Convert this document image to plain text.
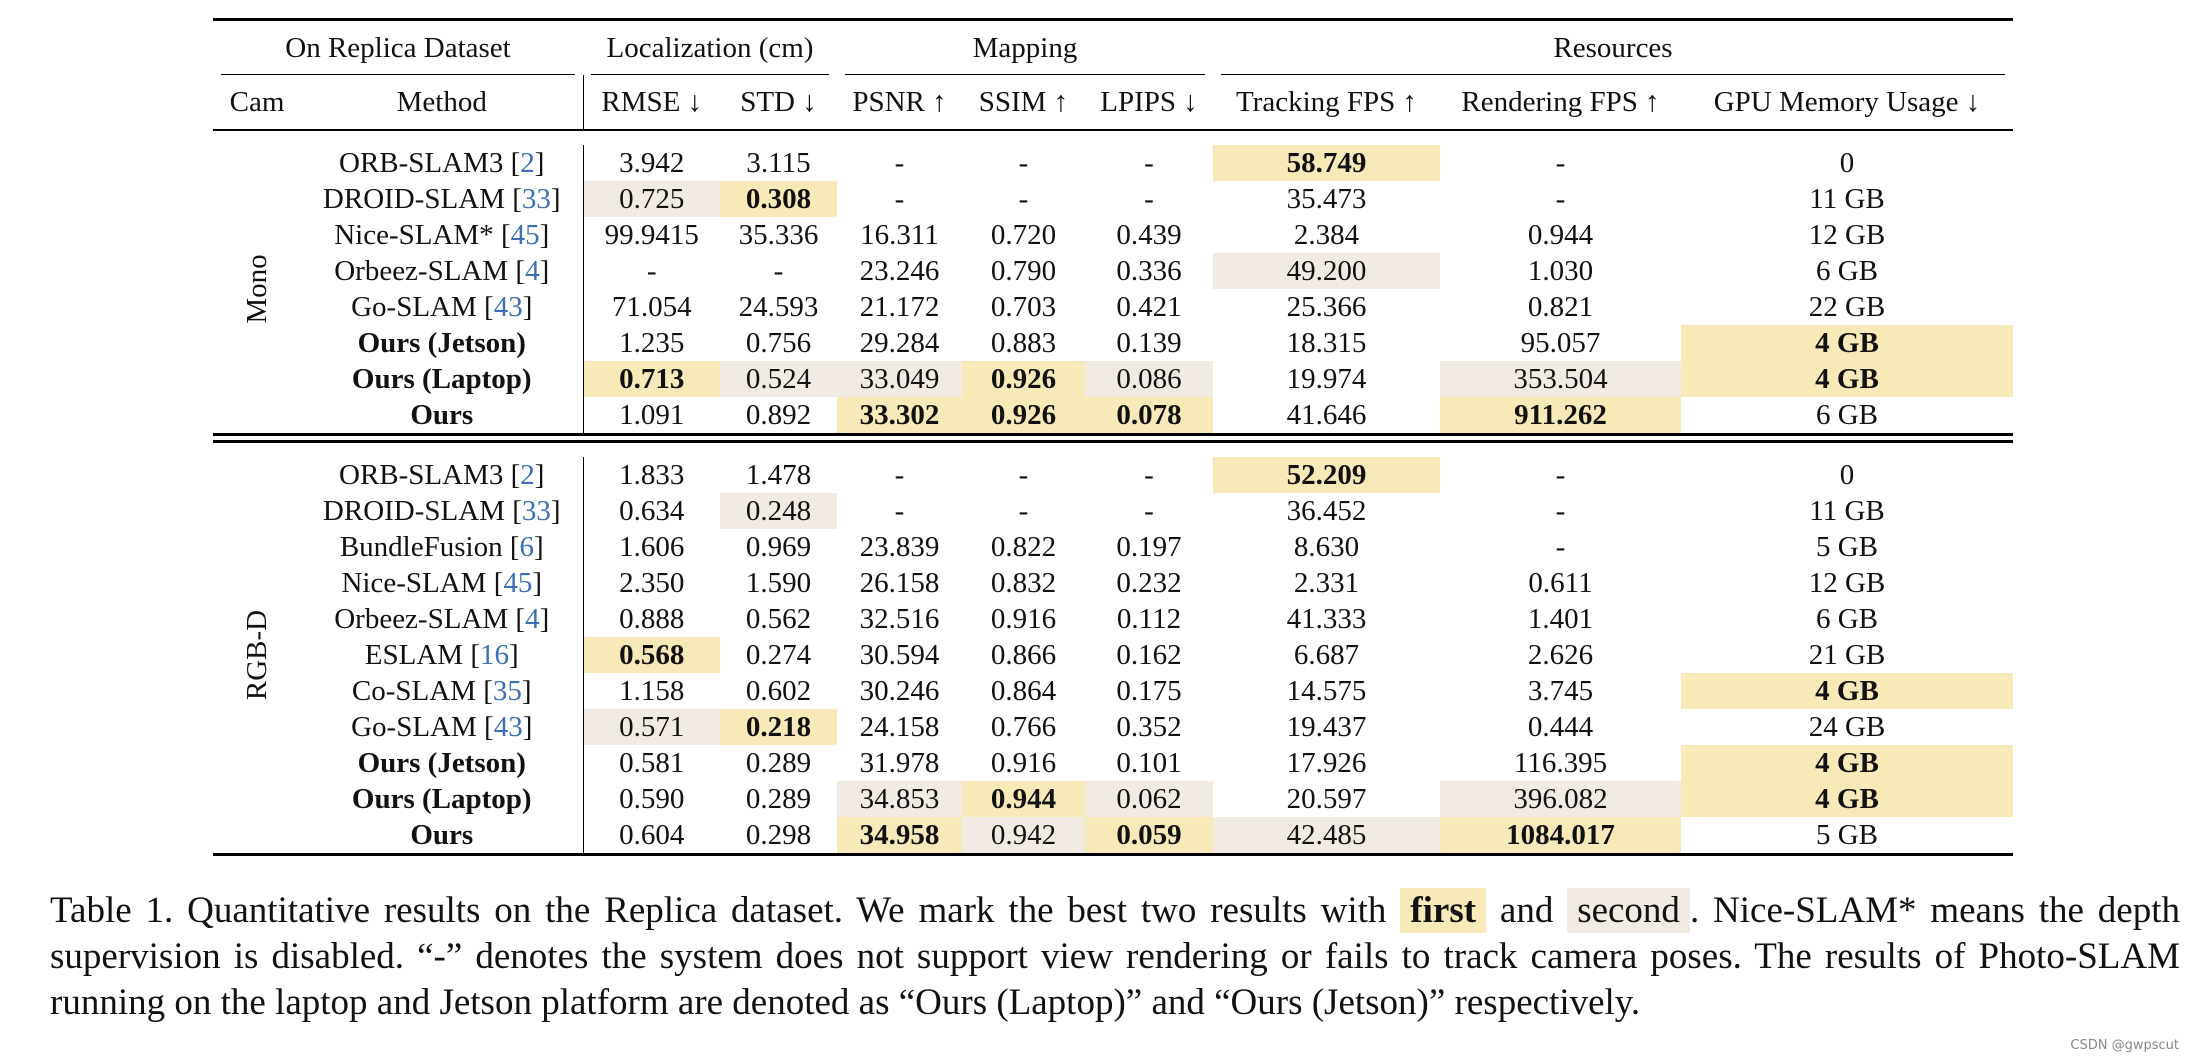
On Replica Dataset		Localization (cm)		Mapping			Resources		

Cam	Method	RMSE ↓	STD ↓	PSNR ↑	SSIM ↑	LPIPS ↓	Tracking FPS ↑	Rendering FPS ↑	GPU Memory Usage ↓

Mono	ORB-SLAM3 [2]	3.942	3.115	-	-	-	58.749	-	0
	DROID-SLAM [33]	0.725	0.308	-	-	-	35.473	-	11 GB
	Nice-SLAM* [45]	99.9415	35.336	16.311	0.720	0.439	2.384	0.944	12 GB
	Orbeez-SLAM [4]	-	-	23.246	0.790	0.336	49.200	1.030	6 GB
	Go-SLAM [43]	71.054	24.593	21.172	0.703	0.421	25.366	0.821	22 GB
	Ours (Jetson)	1.235	0.756	29.284	0.883	0.139	18.315	95.057	4 GB
	Ours (Laptop)	0.713	0.524	33.049	0.926	0.086	19.974	353.504	4 GB
	Ours	1.091	0.892	33.302	0.926	0.078	41.646	911.262	6 GB

RGB-D	ORB-SLAM3 [2]	1.833	1.478	-	-	-	52.209	-	0
	DROID-SLAM [33]	0.634	0.248	-	-	-	36.452	-	11 GB
	BundleFusion [6]	1.606	0.969	23.839	0.822	0.197	8.630	-	5 GB
	Nice-SLAM [45]	2.350	1.590	26.158	0.832	0.232	2.331	0.611	12 GB
	Orbeez-SLAM [4]	0.888	0.562	32.516	0.916	0.112	41.333	1.401	6 GB
	ESLAM [16]	0.568	0.274	30.594	0.866	0.162	6.687	2.626	21 GB
	Co-SLAM [35]	1.158	0.602	30.246	0.864	0.175	14.575	3.745	4 GB
	Go-SLAM [43]	0.571	0.218	24.158	0.766	0.352	19.437	0.444	24 GB
	Ours (Jetson)	0.581	0.289	31.978	0.916	0.101	17.926	116.395	4 GB
	Ours (Laptop)	0.590	0.289	34.853	0.944	0.062	20.597	396.082	4 GB
	Ours	0.604	0.298	34.958	0.942	0.059	42.485	1084.017	5 GB

Table 1. Quantitative results on the Replica dataset. We mark the best two results with first and second . Nice-SLAM* means the depth supervision is disabled. “-” denotes the system does not support view rendering or fails to track camera poses. The results of Photo-SLAM running on the laptop and Jetson platform are denoted as “Ours (Laptop)” and “Ours (Jetson)” respectively.
CSDN @gwpscut
